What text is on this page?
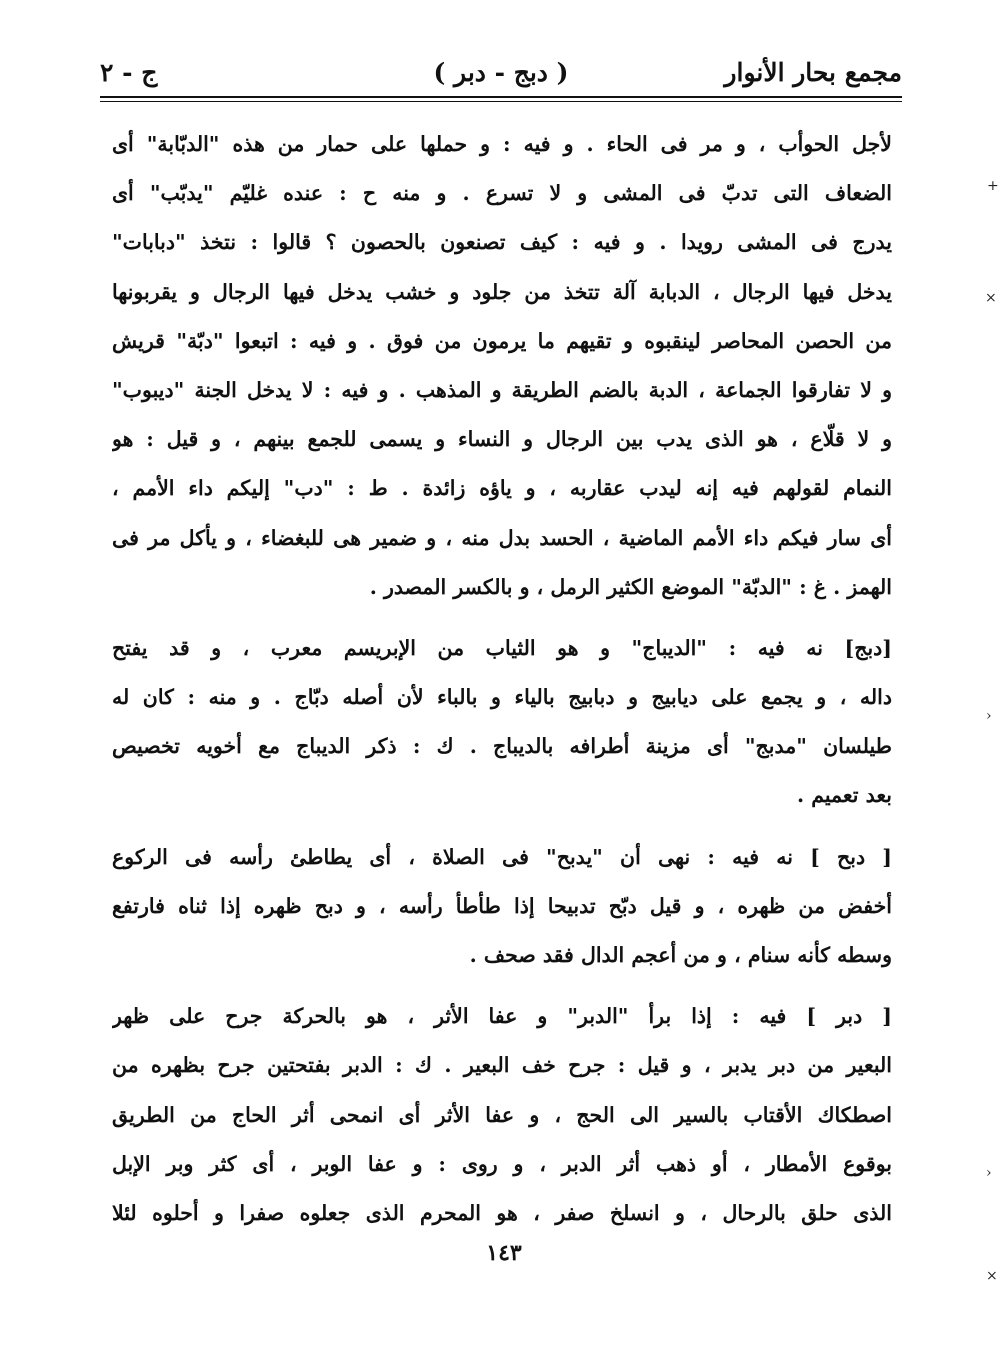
مجمع بحار الأنوار
( دبج - دبر )
ج - ٢
لأجل الحوأب ، و مر فى الحاء . و فيه : و حملها على حمار من هذه "الدبّابة" أى
الضعاف التى تدبّ فى المشى و لا تسرع . و منه ح : عنده غليّم "يدبّب" أى
يدرج فى المشى رويدا . و فيه : كيف تصنعون بالحصون ؟ قالوا : نتخذ "دبابات"
يدخل فيها الرجال ، الدبابة آلة تتخذ من جلود و خشب يدخل فيها الرجال و يقربونها
من الحصن المحاصر لينقبوه و تقيهم ما يرمون من فوق . و فيه : اتبعوا "دبّة" قريش
و لا تفارقوا الجماعة ، الدبة بالضم الطريقة و المذهب . و فيه : لا يدخل الجنة "ديبوب"
و لا قلّاع ، هو الذى يدب بين الرجال و النساء و يسمى للجمع بينهم ، و قيل : هو
النمام لقولهم فيه إنه ليدب عقاربه ، و ياؤه زائدة . ط : "دب" إليكم داء الأمم ،
أى سار فيكم داء الأمم الماضية ، الحسد بدل منه ، و ضمير هى للبغضاء ، و يأكل مر فى
الهمز . غ : "الدبّة" الموضع الكثير الرمل ، و بالكسر المصدر .
[دبج] نه فيه : "الديباج" و هو الثياب من الإبريسم معرب ، و قد يفتح
داله ، و يجمع على ديابيج و دبابيج بالياء و بالباء لأن أصله دبّاج . و منه : كان له
طيلسان "مدبج" أى مزينة أطرافه بالديباج . ك : ذكر الديباج مع أخويه تخصيص
بعد تعميم .
[ دبح ] نه فيه : نهى أن "يدبح" فى الصلاة ، أى يطاطئ رأسه فى الركوع
أخفض من ظهره ، و قيل دبّح تدبيحا إذا طأطأ رأسه ، و دبح ظهره إذا ثناه فارتفع
وسطه كأنه سنام ، و من أعجم الدال فقد صحف .
[ دبر ] فيه : إذا برأ "الدبر" و عفا الأثر ، هو بالحركة جرح على ظهر
البعير من دبر يدبر ، و قيل : جرح خف البعير . ك : الدبر بفتحتين جرح بظهره من
اصطكاك الأقتاب بالسير الى الحج ، و عفا الأثر أى انمحى أثر الحاج من الطريق
بوقوع الأمطار ، أو ذهب أثر الدبر ، و روى : و عفا الوبر ، أى كثر وبر الإبل
الذى حلق بالرحال ، و انسلخ صفر ، هو المحرم الذى جعلوه صفرا و أحلوه لئلا
١٤٣
+
×
›
›
×
